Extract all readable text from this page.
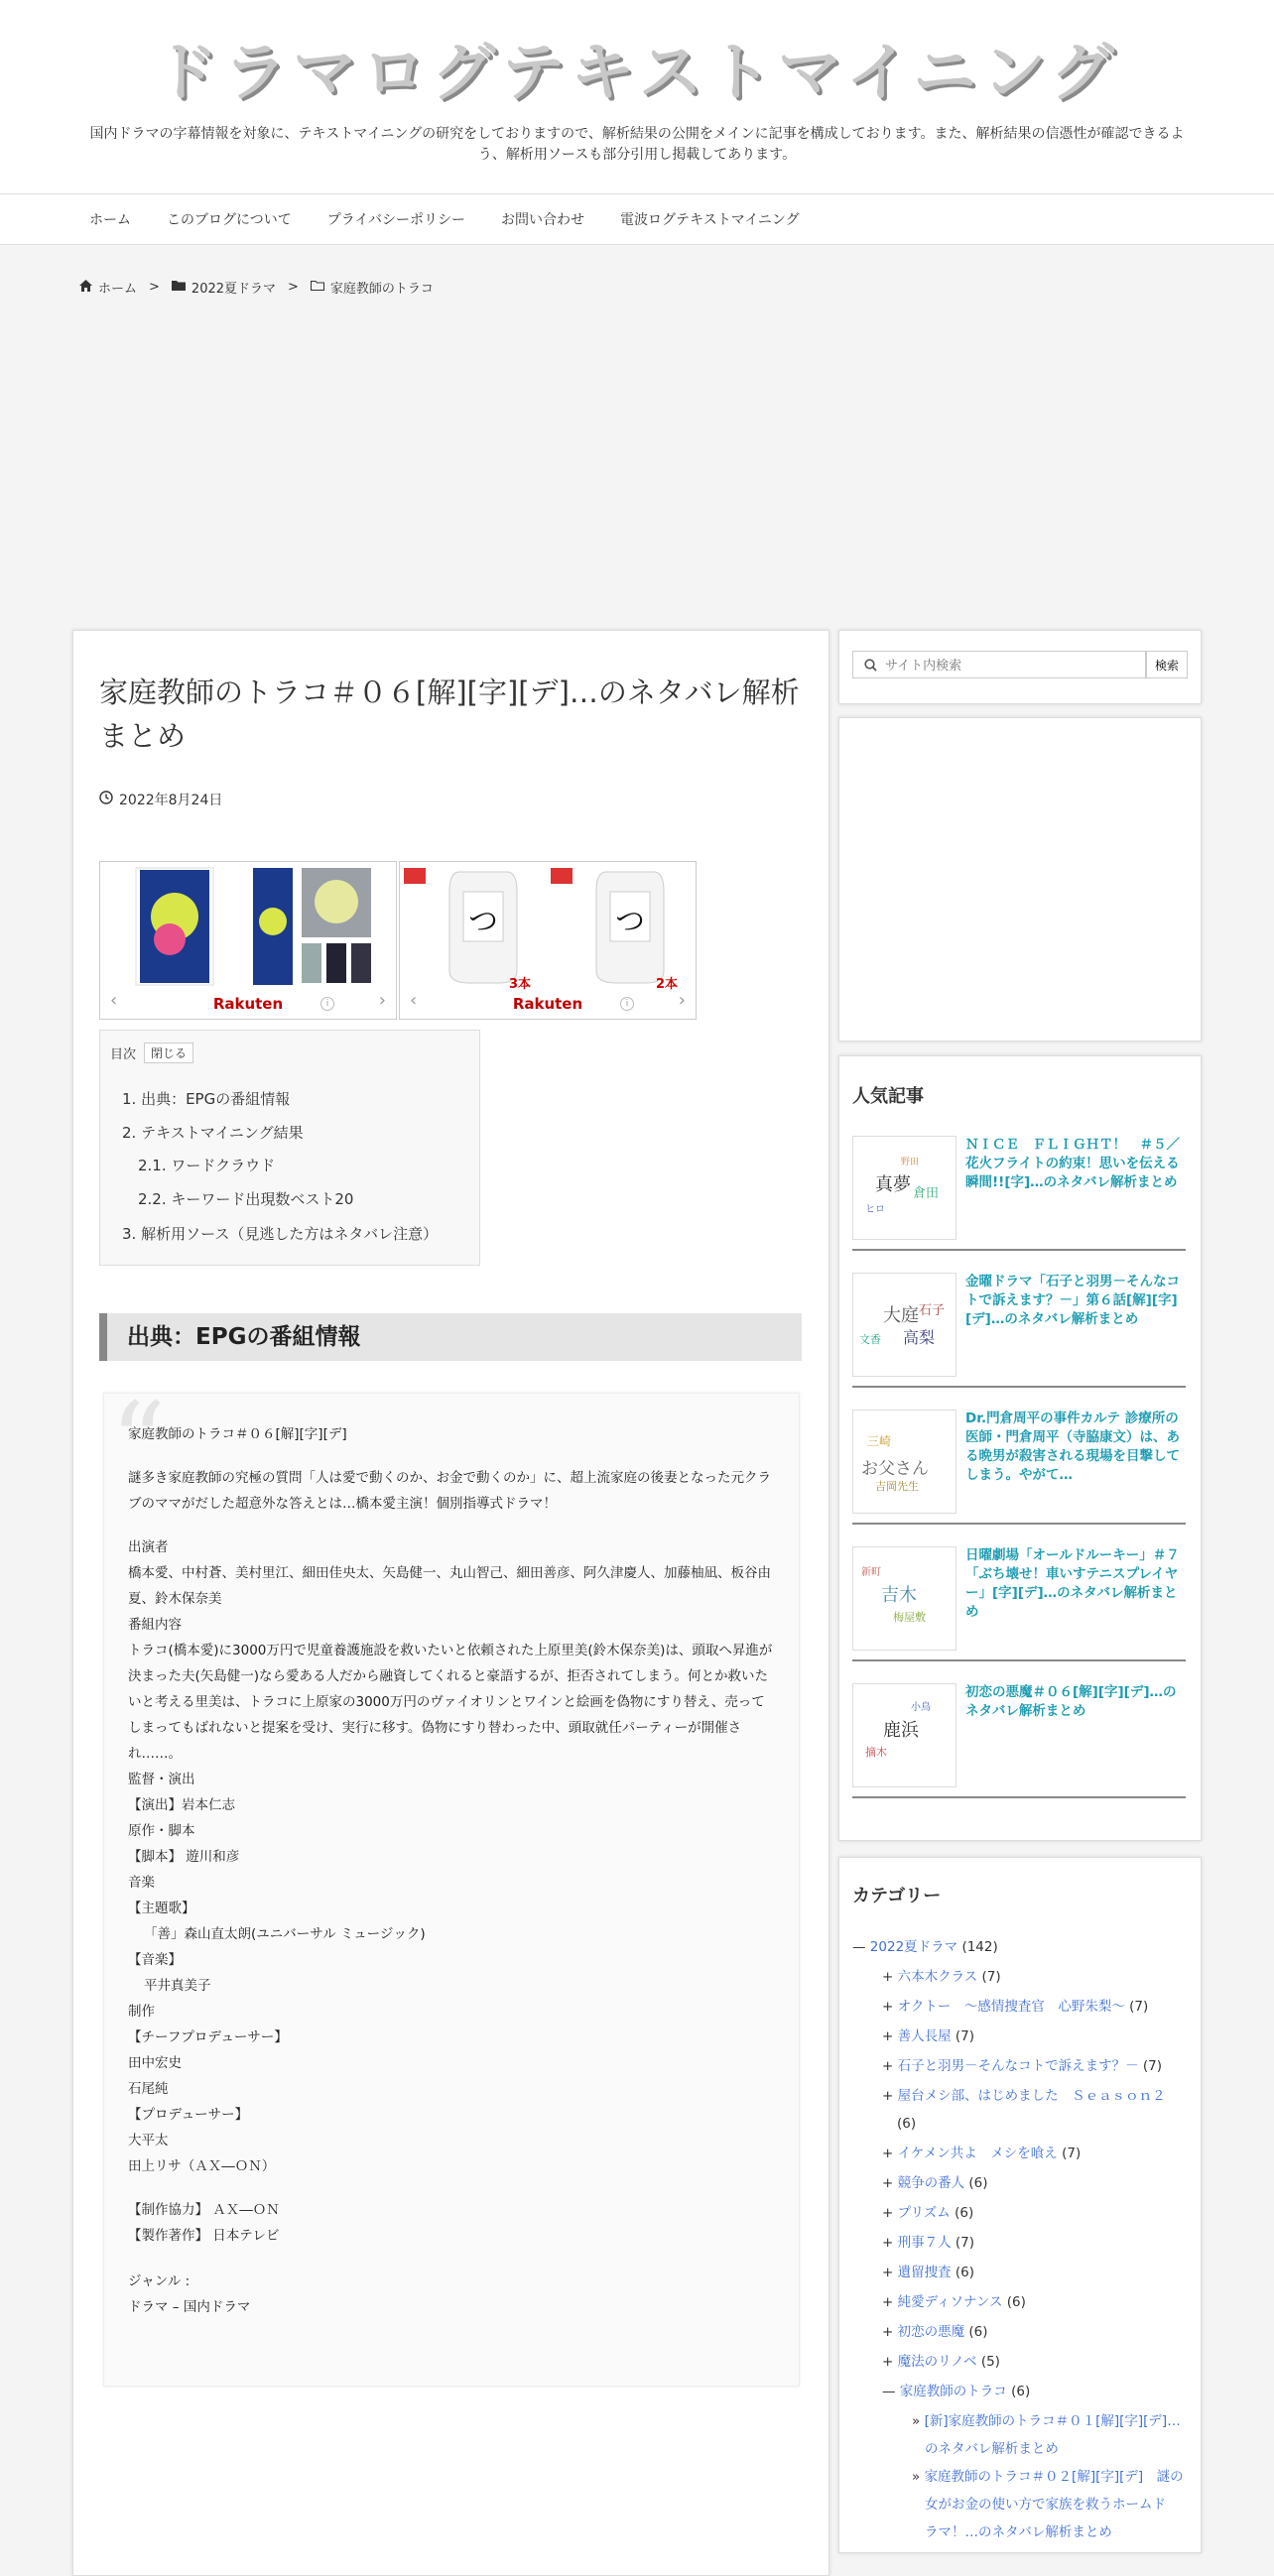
ドラマログテキストマイニング
国内ドラマの字幕情報を対象に、テキストマイニングの研究をしておりますので、解析結果の公開をメインに記事を構成しております。また、解析結果の信憑性が確認できるよう、解析用ソースも部分引用し掲載してあります。
ホーム	このブログについて	プライバシーポリシー	お問い合わせ	電波ログテキストマイニング
ホーム > 2022夏ドラマ > 家庭教師のトラコ
家庭教師のトラコ＃０６[解][字][デ]…のネタバレ解析まとめ
2022年8月24日
‹	›
i
Rakuten
つ	つ
3本	2本
‹	›
i
Rakuten
目次	閉じる
1. 出典：EPGの番組情報
2. テキストマイニング結果
2.1. ワードクラウド
2.2. キーワード出現数ベスト20
3. 解析用ソース（見逃した方はネタバレ注意）
出典：EPGの番組情報
“
家庭教師のトラコ＃０６[解][字][デ]
謎多き家庭教師の究極の質問「人は愛で動くのか、お金で動くのか」に、超上流家庭の後妻となった元クラブのママがだした超意外な答えとは…橋本愛主演！個別指導式ドラマ！
出演者
橋本愛、中村蒼、美村里江、細田佳央太、矢島健一、丸山智己、細田善彦、阿久津慶人、加藤柚凪、板谷由夏、鈴木保奈美
番組内容
トラコ(橋本愛)に3000万円で児童養護施設を救いたいと依頼された上原里美(鈴木保奈美)は、頭取へ昇進が決まった夫(矢島健一)なら愛ある人だから融資してくれると豪語するが、拒否されてしまう。何とか救いたいと考える里美は、トラコに上原家の3000万円のヴァイオリンとワインと絵画を偽物にすり替え、売ってしまってもばれないと提案を受け、実行に移す。偽物にすり替わった中、頭取就任パーティーが開催され……。
監督・演出
【演出】岩本仁志
原作・脚本
【脚本】 遊川和彦
音楽
【主題歌】
「善」森山直太朗(ユニバーサル ミュージック)
【音楽】
平井真美子
制作
【チーフプロデューサー】
田中宏史
石尾純
【プロデューサー】
大平太
田上リサ（ＡＸ―ＯＮ）
【制作協力】 ＡＸ―ＯＮ
【製作著作】 日本テレビ
ジャンル :
ドラマ – 国内ドラマ
サイト内検索
検索
人気記事
真夢 倉田
ヒロ
野田
ＮＩＣＥ　ＦＬＩＧＨＴ！　＃５／花火フライトの約束！思いを伝える瞬間!![字]…のネタバレ解析まとめ
大庭 石子
高梨
文香
金曜ドラマ「石子と羽男－そんなコトで訴えます？－」第６話[解][字][デ]…のネタバレ解析まとめ
お父さん
吉岡先生
三崎
Dr.門倉周平の事件カルテ 診療所の医師・門倉周平（寺脇康文）は、ある晩男が殺害される現場を目撃してしまう。やがて…
吉木
梅屋敷
新町
日曜劇場「オールドルーキー」＃７「ぶち壊せ！車いすテニスプレイヤー」[字][デ]…のネタバレ解析まとめ
鹿浜
摘木
小鳥
初恋の悪魔＃０６[解][字][デ]…のネタバレ解析まとめ
カテゴリー
— 2022夏ドラマ (142)
+ 六本木クラス (7)
+ オクトー　～感情捜査官　心野朱梨～ (7)
+ 善人長屋 (7)
+ 石子と羽男－そんなコトで訴えます？－ (7)
+ 屋台メシ部、はじめました　Ｓｅａｓｏｎ２
(6)
+ イケメン共よ　メシを喰え (7)
+ 競争の番人 (6)
+ プリズム (6)
+ 刑事７人 (7)
+ 遺留捜査 (6)
+ 純愛ディソナンス (6)
+ 初恋の悪魔 (6)
+ 魔法のリノベ (5)
— 家庭教師のトラコ (6)
» [新]家庭教師のトラコ＃０１[解][字][デ]…
のネタバレ解析まとめ
» 家庭教師のトラコ＃０２[解][字][デ]　謎の
女がお金の使い方で家族を救うホームド
ラマ！…のネタバレ解析まとめ
